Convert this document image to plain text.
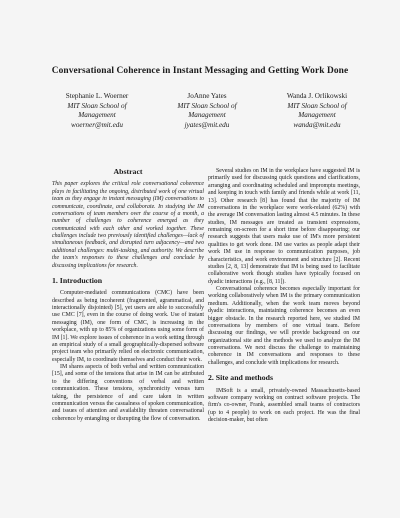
Conversational Coherence in Instant Messaging and Getting Work Done
Stephanie L. Woerner
MIT Sloan School of
Management
woerner@mit.edu
JoAnne Yates
MIT Sloan School of
Management
jyates@mit.edu
Wanda J. Orlikowski
MIT Sloan School of
Management
wanda@mit.edu
Abstract
This paper explores the critical role conversational coherence plays in facilitating the ongoing, distributed work of one virtual team as they engage in instant messaging (IM) conversations to communicate, coordinate, and collaborate. In studying the IM conversations of team members over the course of a month, a number of challenges to coherence emerged as they communicated with each other and worked together. These challenges include two previously identified challenges—lack of simultaneous feedback, and disrupted turn adjacency—and two additional challenges: multi-tasking, and authority. We describe the team's responses to these challenges and conclude by discussing implications for research.
1. Introduction

Computer-mediated communications (CMC) have been described as being incoherent (fragmented, agrammatical, and interactionally disjointed) [5], yet users are able to successfully use CMC [7], even in the course of doing work. Use of instant messaging (IM), one form of CMC, is increasing in the workplace, with up to 85% of organizations using some form of IM [1]. We explore issues of coherence in a work setting through an empirical study of a small geographically-dispersed software project team who primarily relied on electronic communication, especially IM, to coordinate themselves and conduct their work.

IM shares aspects of both verbal and written communication [15], and some of the tensions that arise in IM can be attributed to the differing conventions of verbal and written communication. These tensions, synchronicity versus turn taking, the persistence of and care taken in written communication versus the casualness of spoken communication, and issues of attention and availability threaten conversational coherence by entangling or disrupting the flow of conversation.

Several studies on IM in the workplace have suggested IM is primarily used for discussing quick questions and clarifications, arranging and coordinating scheduled and impromptu meetings, and keeping in touch with family and friends while at work [11, 13]. Other research [8] has found that the majority of IM conversations in the workplace were work-related (62%) with the average IM conversation lasting almost 4.5 minutes. In these studies, IM messages are treated as transient expressions, remaining on-screen for a short time before disappearing; our research suggests that users make use of IM's more persistent qualities to get work done. IM use varies as people adapt their work IM use in response to communication purposes, job characteristics, and work environment and structure [2]. Recent studies [2, 8, 13] demonstrate that IM is being used to facilitate collaborative work though studies have typically focused on dyadic interactions (e.g., [8, 11]).

Conversational coherence becomes especially important for working collaboratively when IM is the primary communication medium. Additionally, when the work team moves beyond dyadic interactions, maintaining coherence becomes an even bigger obstacle. In the research reported here, we studied IM conversations by members of one virtual team. Before discussing our findings, we will provide background on our organizational site and the methods we used to analyze the IM conversations. We next discuss the challenge to maintaining coherence in IM conversations and responses to these challenges, and conclude with implications for research.

2. Site and methods

IMSoft is a small, privately-owned Massachusetts-based software company working on contract software projects. The firm's co-owner, Frank, assembled small teams of contractors (up to 4 people) to work on each project. He was the final decision-maker, but often
